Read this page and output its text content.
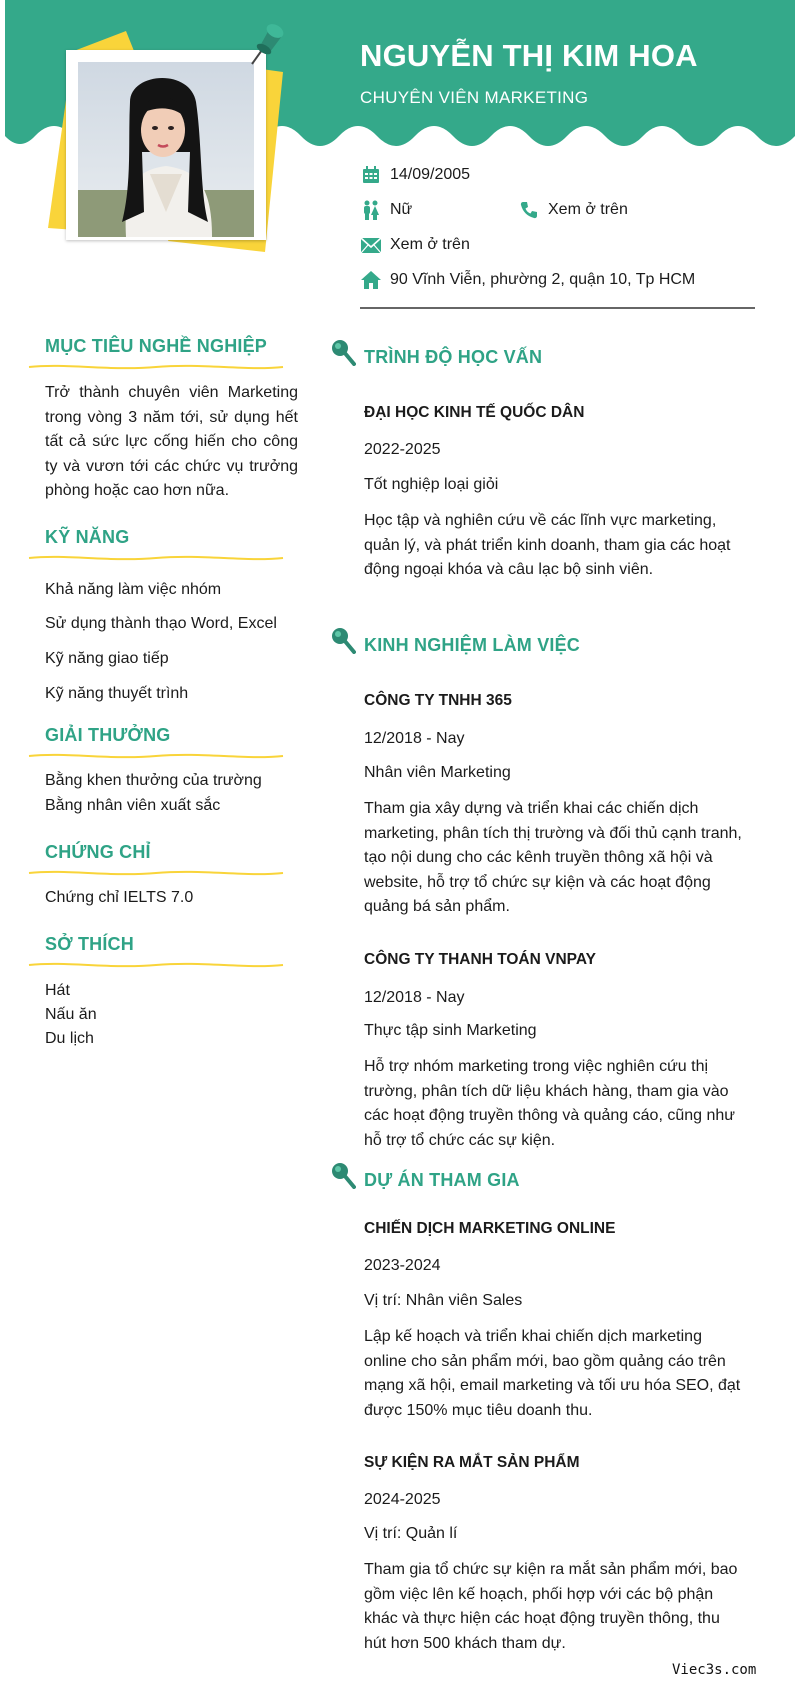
NGUYỄN THỊ KIM HOA
CHUYÊN VIÊN MARKETING
14/09/2005
Nữ	Xem ở trên
Xem ở trên
90 Vĩnh Viễn, phường 2, quận 10, Tp HCM
MỤC TIÊU NGHỀ NGHIỆP
Trở thành chuyên viên Marketing trong vòng 3 năm tới, sử dụng hết tất cả sức lực cống hiến cho công ty và vươn tới các chức vụ trưởng phòng hoặc cao hơn nữa.
KỸ NĂNG
Khả năng làm việc nhóm
Sử dụng thành thạo Word, Excel
Kỹ năng giao tiếp
Kỹ năng thuyết trình
GIẢI THƯỞNG
Bằng khen thưởng của trường
Bằng nhân viên xuất sắc
CHỨNG CHỈ
Chứng chỉ IELTS 7.0
SỞ THÍCH
Hát
Nấu ăn
Du lịch
TRÌNH ĐỘ HỌC VẤN
ĐẠI HỌC KINH TẾ QUỐC DÂN
2022-2025
Tốt nghiệp loại giỏi
Học tập và nghiên cứu về các lĩnh vực marketing, quản lý, và phát triển kinh doanh, tham gia các hoạt động ngoại khóa và câu lạc bộ sinh viên.
KINH NGHIỆM LÀM VIỆC
CÔNG TY TNHH 365
12/2018 - Nay
Nhân viên Marketing
Tham gia xây dựng và triển khai các chiến dịch marketing, phân tích thị trường và đối thủ cạnh tranh, tạo nội dung cho các kênh truyền thông xã hội và website, hỗ trợ tổ chức sự kiện và các hoạt động quảng bá sản phẩm.
CÔNG TY THANH TOÁN VNPAY
12/2018 - Nay
Thực tập sinh Marketing
Hỗ trợ nhóm marketing trong việc nghiên cứu thị trường, phân tích dữ liệu khách hàng, tham gia vào các hoạt động truyền thông và quảng cáo, cũng như hỗ trợ tổ chức các sự kiện.
DỰ ÁN THAM GIA
CHIẾN DỊCH MARKETING ONLINE
2023-2024
Vị trí: Nhân viên Sales
Lập kế hoạch và triển khai chiến dịch marketing online cho sản phẩm mới, bao gồm quảng cáo trên mạng xã hội, email marketing và tối ưu hóa SEO, đạt được 150% mục tiêu doanh thu.
SỰ KIỆN RA MẮT SẢN PHẨM
2024-2025
Vị trí: Quản lí
Tham gia tổ chức sự kiện ra mắt sản phẩm mới, bao gồm việc lên kế hoạch, phối hợp với các bộ phận khác và thực hiện các hoạt động truyền thông, thu hút hơn 500 khách tham dự.
Viec3s.com
